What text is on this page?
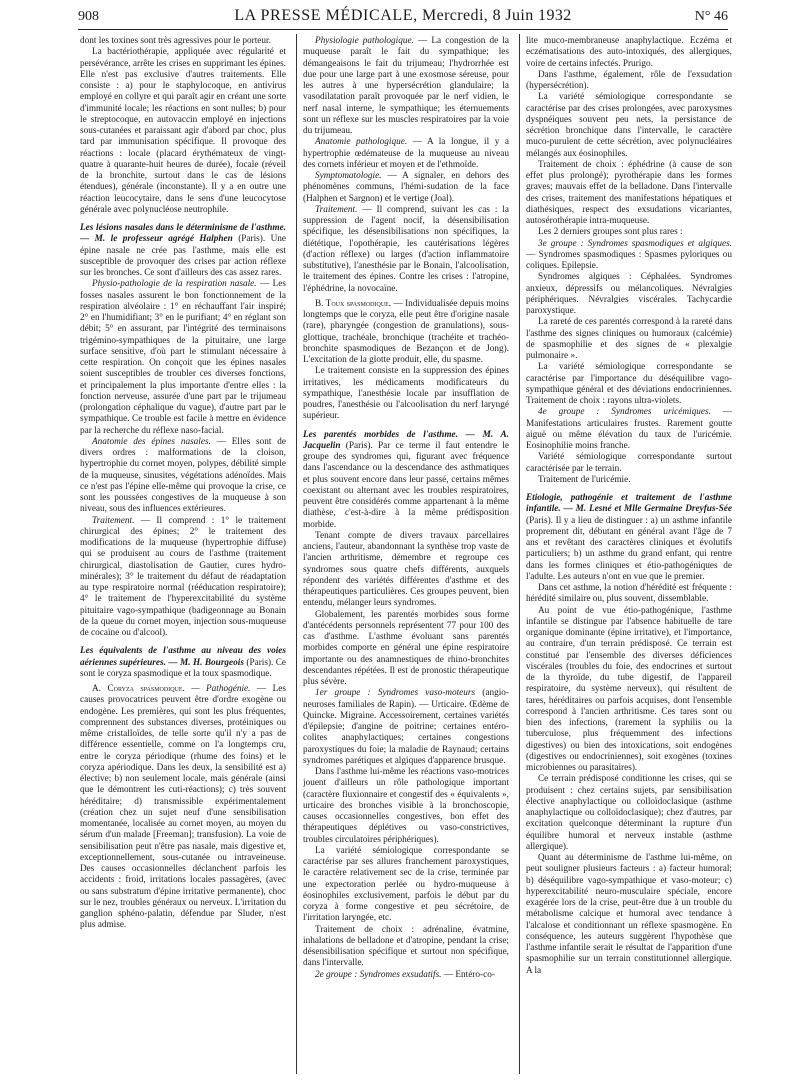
908	LA PRESSE MÉDICALE, Mercredi, 8 Juin 1932	N° 46

dont les toxines sont très agressives pour le porteur.

La bactériothérapie, appliquée avec régularité et persévérance, arrête les crises en supprimant les épines. Elle n'est pas exclusive d'autres traitements. Elle consiste : a) pour le staphylocoque, en antivirus employé en collyre et qui paraît agir en créant une sorte d'immunité locale; les réactions en sont nulles; b) pour le streptocoque, en autovaccin employé en injections sous-cutanées et paraissant agir d'abord par choc, plus tard par immunisation spécifique. Il provoque des réactions : locale (placard érythémateux de vingt-quatre à quarante-huit heures de durée), focale (réveil de la bronchite, surtout dans le cas de lésions étendues), générale (inconstante). Il y a en outre une réaction leucocytaire, dans le sens d'une leucocytose générale avec polynucléose neutrophile.

Les lésions nasales dans le déterminisme de l'asthme. — M. le professeur agrégé Halphen (Paris). Une épine nasale ne crée pas l'asthme, mais elle est susceptible de provoquer des crises par action réflexe sur les bronches. Ce sont d'ailleurs des cas assez rares.

Physio-pathologie de la respiration nasale. — Les fosses nasales assurent le bon fonctionnement de la respiration alvéolaire : 1° en réchauffant l'air inspiré; 2° en l'humidifiant; 3° en le purifiant; 4° en réglant son débit; 5° en assurant, par l'intégrité des terminaisons trigémino-sympathiques de la pituitaire, une large surface sensitive, d'où part le stimulant nécessaire à cette respiration. On conçoit que les épines nasales soient susceptibles de troubler ces diverses fonctions, et principalement la plus importante d'entre elles : la fonction nerveuse, assurée d'une part par le trijumeau (prolongation céphalique du vague), d'autre part par le sympathique. Ce trouble est facile à mettre en évidence par la recherche du réflexe naso-facial.

Anatomie des épines nasales. — Elles sont de divers ordres : malformations de la cloison, hypertrophie du cornet moyen, polypes, débilité simple de la muqueuse, sinusites, végétations adénoïdes. Mais ce n'est pas l'épine elle-même qui provoque la crise, ce sont les poussées congestives de la muqueuse à son niveau, sous des influences extérieures.

Traitement. — Il comprend : 1° le traitement chirurgical des épines; 2° le traitement des modifications de la muqueuse (hypertrophie diffuse) qui se produisent au cours de l'asthme (traitement chirurgical, diastolisation de Gautier, cures hydro-minérales); 3° le traitement du défaut de réadaptation au type respiratoire normal (rééducation respiratoire); 4° le traitement de l'hyperexcitabilité du système pituitaire vago-sympathique (badigeonnage au Bonain de la queue du cornet moyen, injection sous-muqueuse de cocaïne ou d'alcool).

Les équivalents de l'asthme au niveau des voies aériennes supérieures. — M. H. Bourgeois (Paris). Ce sont le coryza spasmodique et la toux spasmodique.

A. Coryza spasmodique. — Pathogénie. — Les causes provocatrices peuvent être d'ordre exogène ou endogène. Les premières, qui sont les plus fréquentes, comprennent des substances diverses, protéiniques ou même cristalloïdes, de telle sorte qu'il n'y a pas de différence essentielle, comme on l'a longtemps cru, entre le coryza périodique (rhume des foins) et le coryza apériodique. Dans les deux, la sensibilité est a) élective; b) non seulement locale, mais générale (ainsi que le démontrent les cuti-réactions); c) très souvent héréditaire; d) transmissible expérimentalement (création chez un sujet neuf d'une sensibilisation momentanée, localisée au cornet moyen, au moyen du sérum d'un malade [Freeman]; transfusion). La voie de sensibilisation peut n'être pas nasale, mais digestive et, exceptionnellement, sous-cutanée ou intraveineuse. Des causes occasionnelles déclanchent parfois les accidents : froid, irritations locales passagères, (avec ou sans substratum d'épine irritative permanente), choc sur le nez, troubles généraux ou nerveux. L'irritation du ganglion sphéno-palatin, défendue par Sluder, n'est plus admise.

Physiologie pathologique. — La congestion de la muqueuse paraît le fait du sympathique; les démangeaisons le fait du trijumeau; l'hydrorrhée est due pour une large part à une exosmose séreuse, pour les autres à une hypersécrétion glandulaire; la vasodilatation paraît provoquée par le nerf vidien, le nerf nasal interne, le sympathique; les éternuements sont un réflexe sur les muscles respiratoires par la voie du trijumeau.

Anatomie pathologique. — A la longue, il y a hypertrophie œdémateuse de la muqueuse au niveau des cornets inférieur et moyen et de l'ethmoïde.

Symptomatologie. — A signaler, en dehors des phénomènes communs, l'hémi-sudation de la face (Halphen et Sargnon) et le vertige (Joal).

Traitement. — Il comprend, suivant les cas : la suppression de l'agent nocif, la désensibilisation spécifique, les désensibilisations non spécifiques, la diététique, l'opothérapie, les cautérisations légères (d'action réflexe) ou larges (d'action inflammatoire substitutive), l'anesthésie par le Bonain, l'alcoolisation, le traitement des épines. Contre les crises : l'atropine, l'éphédrine, la novocaïne.

B. Toux spasmodique. — Individualisée depuis moins longtemps que le coryza, elle peut être d'origine nasale (rare), pharyngée (congestion de granulations), sous-glottique, trachéale, bronchique (trachéite et trachéo-bronchite spasmodiques de Bezançon et de Jong). L'excitation de la glotte produit, elle, du spasme.

Le traitement consiste en la suppression des épines irritatives, les médicaments modificateurs du sympathique, l'anesthésie locale par insufflation de poudres, l'anesthésie ou l'alcoolisation du nerf laryngé supérieur.

Les parentés morbides de l'asthme. — M. A. Jacquelin (Paris). Par ce terme il faut entendre le groupe des syndromes qui, figurant avec fréquence dans l'ascendance ou la descendance des asthmatiques et plus souvent encore dans leur passé, certains mêmes coexistant ou alternant avec les troubles respiratoires, peuvent être considérés comme appartenant à la même diathèse, c'est-à-dire à la même prédisposition morbide.

Tenant compte de divers travaux parcellaires anciens, l'auteur, abandonnant la synthèse trop vaste de l'ancien arthritisme, démembre et regroupe ces syndromes sous quatre chefs différents, auxquels répondent des variétés différentes d'asthme et des thérapeutiques particulières. Ces groupes peuvent, bien entendu, mélanger leurs syndromes.

Globalement, les parentés morbides sous forme d'antécédents personnels représentent 77 pour 100 des cas d'asthme. L'asthme évoluant sans parentés morbides comporte en général une épine respiratoire importante ou des anamnestiques de rhino-bronchites descendantes répétées. Il est de pronostic thérapeutique plus sévère.

1er groupe : Syndromes vaso-moteurs (angio-neuroses familiales de Rapin). — Urticaire. Œdème de Quincke. Migraine. Accessoirement, certaines variétés d'épilepsie; d'angine de poitrine; certaines entéro-colites anaphylactiques; certaines congestions paroxystiques du foie; la maladie de Raynaud; certains syndromes parétiques et algiques d'apparence brusque.

Dans l'asthme lui-même les réactions vaso-motrices jouent d'ailleurs un rôle pathologique important (caractère fluxionnaire et congestif des « équivalents », urticaire des bronches visible à la bronchoscopie, causes occasionnelles congestives, bon effet des thérapeutiques déplétives ou vaso-constrictives, troubles circulatoires périphériques).

La variété sémiologique correspondante se caractérise par ses allures franchement paroxystiques, le caractère relativement sec de la crise, terminée par une expectoration perlée ou hydro-muqueuse à éosinophiles exclusivement, parfois le début par du coryza à forme congestive et peu sécrétoire, de l'irritation laryngée, etc.

Traitement de choix : adrénaline, évatmine, inhalations de belladone et d'atropine, pendant la crise; désensibilisation spécifique et surtout non spécifique, dans l'intervalle.

2e groupe : Syndromes exsudatifs. — Entéro-co-

lite muco-membraneuse anaphylactique. Eczéma et eczématisations des auto-intoxiqués, des allergiques, voire de certains infectés. Prurigo.

Dans l'asthme, également, rôle de l'exsudation (hypersécrétion).

La variété sémiologique correspondante se caractérise par des crises prolongées, avec paroxysmes dyspnéiques souvent peu nets, la persistance de sécrétion bronchique dans l'intervalle, le caractère muco-purulent de cette sécrétion, avec polynucléaires mélangés aux éosinophiles.

Traitement de choix : éphédrine (à cause de son effet plus prolongé); pyrothérapie dans les formes graves; mauvais effet de la belladone. Dans l'intervalle des crises, traitement des manifestations hépatiques et diathésiques, respect des exsudations vicariantes, autosérothérapie intra-muqueuse.

Les 2 derniers groupes sont plus rares :

3e groupe : Syndromes spasmodiques et algiques. — Syndromes spasmodiques : Spasmes pyloriques ou coliques. Epilepsie.

Syndromes algiques : Céphalées. Syndromes anxieux, dépressifs ou mélancoliques. Névralgies périphériques. Névralgies viscérales. Tachycardie paroxystique.

La rareté de ces parentés correspond à la rareté dans l'asthme des signes cliniques ou humoraux (calcémie) de spasmophilie et des signes de « plexalgie pulmonaire ».

La variété sémiologique correspondante se caractérise par l'importance du déséquilibre vago-sympathique général et des déviations endocriniennes. Traitement de choix : rayons ultra-violets.

4e groupe : Syndromes uricémiques. — Manifestations articulaires frustes. Rarement goutte aiguë ou même élévation du taux de l'uricémie. Eosinophilie moins franche.

Variété sémiologique correspondante surtout caractérisée par le terrain.

Traitement de l'uricémie.

Etiologie, pathogénie et traitement de l'asthme infantile. — M. Lesné et Mlle Germaine Dreyfus-Sée (Paris). Il y a lieu de distinguer : a) un asthme infantile proprement dit, débutant en général avant l'âge de 7 ans et revêtant des caractères cliniques et évolutifs particuliers; b) un asthme du grand enfant, qui rentre dans les formes cliniques et étio-pathogéniques de l'adulte. Les auteurs n'ont en vue que le premier.

Dans cet asthme, la notion d'hérédité est fréquente : hérédité similaire ou, plus souvent, dissemblable.

Au point de vue étio-pathogénique, l'asthme infantile se distingue par l'absence habituelle de tare organique dominante (épine irritative), et l'importance, au contraire, d'un terrain prédisposé. Ce terrain est constitué par l'ensemble des diverses déficiences viscérales (troubles du foie, des endocrines et surtout de la thyroïde, du tube digestif, de l'appareil respiratoire, du système nerveux), qui résultent de tares, héréditaires ou parfois acquises, dont l'ensemble correspond à l'ancien arthritisme. Ces tares sont ou bien des infections, (rarement la syphilis ou la tuberculose, plus fréquemment des infections digestives) ou bien des intoxications, soit endogènes (digestives ou endocriniennes), soit exogènes (toxines microbiennes ou parasitaires).

Ce terrain prédisposé conditionne les crises, qui se produisent : chez certains sujets, par sensibilisation élective anaphylactique ou colloïdoclasique (asthme anaphylactique ou colloïdoclasique); chez d'autres, par excitation quelconque déterminant la rupture d'un équilibre humoral et nerveux instable (asthme allergique).

Quant au déterminisme de l'asthme lui-même, on peut souligner plusieurs facteurs : a) facteur humoral; b) déséquilibre vago-sympathique et vaso-moteur; c) hyperexcitabilité neuro-musculaire spéciale, encore exagérée lors de la crise, peut-être due à un trouble du métabolisme calcique et humoral avec tendance à l'alcalose et conditionnant un réflexe spasmogène. En conséquence, les auteurs suggèrent l'hypothèse que l'asthme infantile serait le résultat de l'apparition d'une spasmophilie sur un terrain constitutionnel allergique. A la
